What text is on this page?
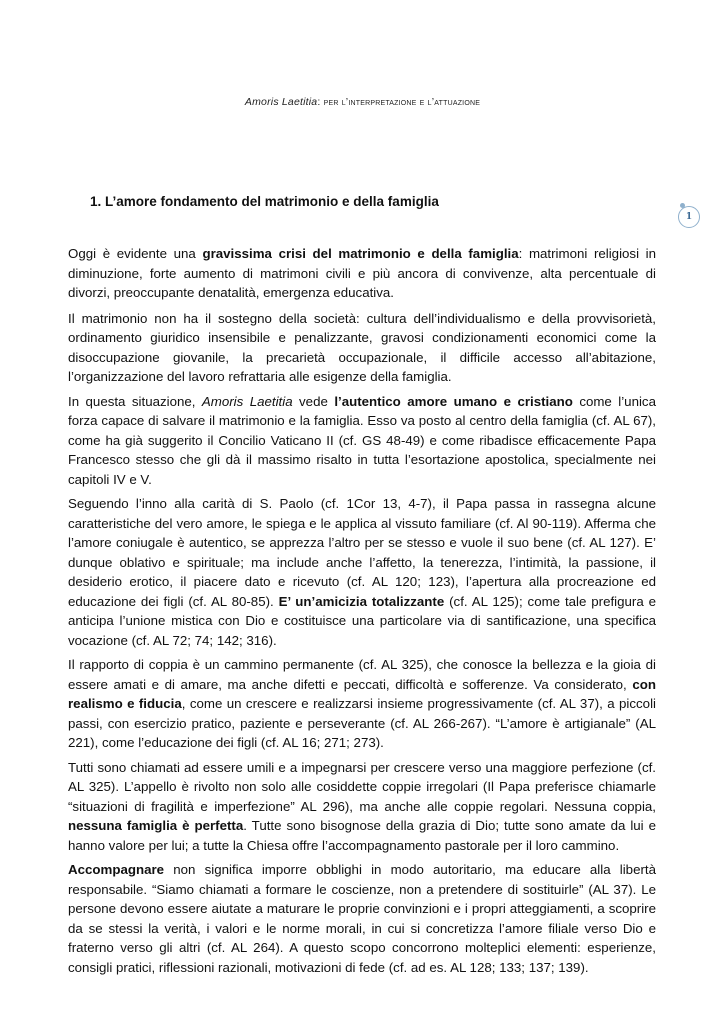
Amoris Laetitia: per l’interpretazione e l’attuazione
1. L’amore fondamento del matrimonio e della famiglia
1

Oggi è evidente una gravissima crisi del matrimonio e della famiglia: matrimoni religiosi in diminuzione, forte aumento di matrimoni civili e più ancora di convivenze, alta percentuale di divorzi, preoccupante denatalità, emergenza educativa.

Il matrimonio non ha il sostegno della società: cultura dell’individualismo e della provvisorietà, ordinamento giuridico insensibile e penalizzante, gravosi condizionamenti economici come la disoccupazione giovanile, la precarietà occupazionale, il difficile accesso all’abitazione, l’organizzazione del lavoro refrattaria alle esigenze della famiglia.

In questa situazione, Amoris Laetitia vede l’autentico amore umano e cristiano come l’unica forza capace di salvare il matrimonio e la famiglia. Esso va posto al centro della famiglia (cf. AL 67), come ha già suggerito il Concilio Vaticano II (cf. GS 48-49) e come ribadisce efficacemente Papa Francesco stesso che gli dà il massimo risalto in tutta l’esortazione apostolica, specialmente nei capitoli IV e V.

Seguendo l’inno alla carità di S. Paolo (cf. 1Cor 13, 4-7), il Papa passa in rassegna alcune caratteristiche del vero amore, le spiega e le applica al vissuto familiare (cf. Al 90-119). Afferma che l’amore coniugale è autentico, se apprezza l’altro per se stesso e vuole il suo bene (cf. AL 127). E’ dunque oblativo e spirituale; ma include anche l’affetto, la tenerezza, l’intimità, la passione, il desiderio erotico, il piacere dato e ricevuto (cf. AL 120; 123), l’apertura alla procreazione ed educazione dei figli (cf. AL 80-85). E’ un’amicizia totalizzante (cf. AL 125); come tale prefigura e anticipa l’unione mistica con Dio e costituisce una particolare via di santificazione, una specifica vocazione (cf. AL 72; 74; 142; 316).

Il rapporto di coppia è un cammino permanente (cf. AL 325), che conosce la bellezza e la gioia di essere amati e di amare, ma anche difetti e peccati, difficoltà e sofferenze. Va considerato, con realismo e fiducia, come un crescere e realizzarsi insieme progressivamente (cf. AL 37), a piccoli passi, con esercizio pratico, paziente e perseverante (cf. AL 266-267). “L’amore è artigianale” (AL 221), come l’educazione dei figli (cf. AL 16; 271; 273).

Tutti sono chiamati ad essere umili e a impegnarsi per crescere verso una maggiore perfezione (cf. AL 325). L’appello è rivolto non solo alle cosiddette coppie irregolari (Il Papa preferisce chiamarle “situazioni di fragilità e imperfezione” AL 296), ma anche alle coppie regolari. Nessuna coppia, nessuna famiglia è perfetta. Tutte sono bisognose della grazia di Dio; tutte sono amate da lui e hanno valore per lui; a tutte la Chiesa offre l’accompagnamento pastorale per il loro cammino.

Accompagnare non significa imporre obblighi in modo autoritario, ma educare alla libertà responsabile. “Siamo chiamati a formare le coscienze, non a pretendere di sostituirle” (AL 37). Le persone devono essere aiutate a maturare le proprie convinzioni e i propri atteggiamenti, a scoprire da se stessi la verità, i valori e le norme morali, in cui si concretizza l’amore filiale verso Dio e fraterno verso gli altri (cf. AL 264). A questo scopo concorrono molteplici elementi: esperienze, consigli pratici, riflessioni razionali, motivazioni di fede (cf. ad es. AL 128; 133; 137; 139).
